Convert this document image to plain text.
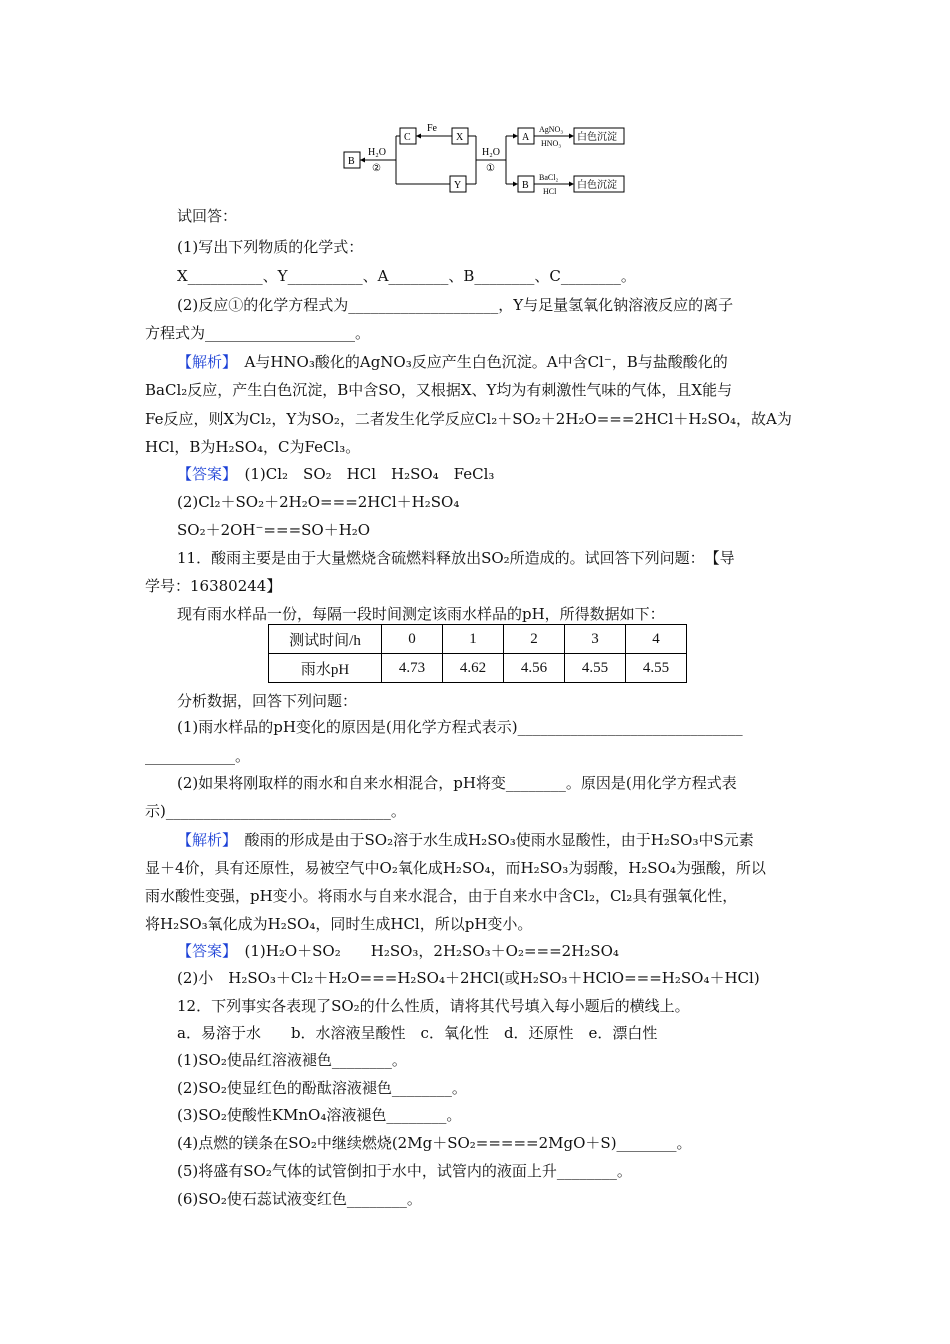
B
H₂O
②
C
Fe
X
Y
H₂O
①
A
AgNO₃
HNO₃
白色沉淀
B
BaCl₂
HCl
白色沉淀
试回答：
(1)写出下列物质的化学式：
X__________、Y__________、A________、B________、C________。
(2)反应①的化学方程式为____________________，Y与足量氢氧化钠溶液反应的离子
方程式为____________________。
【解析】　A与HNO₃酸化的AgNO₃反应产生白色沉淀。A中含Cl⁻，B与盐酸酸化的
BaCl₂反应，产生白色沉淀，B中含SO，又根据X、Y均为有刺激性气味的气体，且X能与
Fe反应，则X为Cl₂，Y为SO₂，二者发生化学反应Cl₂＋SO₂＋2H₂O===2HCl＋H₂SO₄，故A为
HCl，B为H₂SO₄，C为FeCl₃。
【答案】　(1)Cl₂　SO₂　HCl　H₂SO₄　FeCl₃
(2)Cl₂＋SO₂＋2H₂O===2HCl＋H₂SO₄
SO₂＋2OH⁻===SO＋H₂O
11．酸雨主要是由于大量燃烧含硫燃料释放出SO₂所造成的。试回答下列问题：　【导
学号：16380244】
现有雨水样品一份，每隔一段时间测定该雨水样品的pH，所得数据如下：
测试时间/h	0	1	2	3	4
雨水pH	4.73	4.62	4.56	4.55	4.55
分析数据，回答下列问题：
(1)雨水样品的pH变化的原因是(用化学方程式表示)______________________________
____________。
(2)如果将刚取样的雨水和自来水相混合，pH将变________。原因是(用化学方程式表
示)______________________________。
【解析】　酸雨的形成是由于SO₂溶于水生成H₂SO₃使雨水显酸性，由于H₂SO₃中S元素
显＋4价，具有还原性，易被空气中O₂氧化成H₂SO₄，而H₂SO₃为弱酸，H₂SO₄为强酸，所以
雨水酸性变强，pH变小。将雨水与自来水混合，由于自来水中含Cl₂，Cl₂具有强氧化性，
将H₂SO₃氧化成为H₂SO₄，同时生成HCl，所以pH变小。
【答案】　(1)H₂O＋SO₂　　H₂SO₃，2H₂SO₃＋O₂===2H₂SO₄
(2)小　H₂SO₃＋Cl₂＋H₂O===H₂SO₄＋2HCl(或H₂SO₃＋HClO===H₂SO₄＋HCl)
12．下列事实各表现了SO₂的什么性质，请将其代号填入每小题后的横线上。
a．易溶于水　　b．水溶液呈酸性　c．氧化性　d．还原性　e．漂白性
(1)SO₂使品红溶液褪色________。
(2)SO₂使显红色的酚酞溶液褪色________。
(3)SO₂使酸性KMnO₄溶液褪色________。
(4)点燃的镁条在SO₂中继续燃烧(2Mg＋SO₂=====2MgO＋S)________。
(5)将盛有SO₂气体的试管倒扣于水中，试管内的液面上升________。
(6)SO₂使石蕊试液变红色________。
